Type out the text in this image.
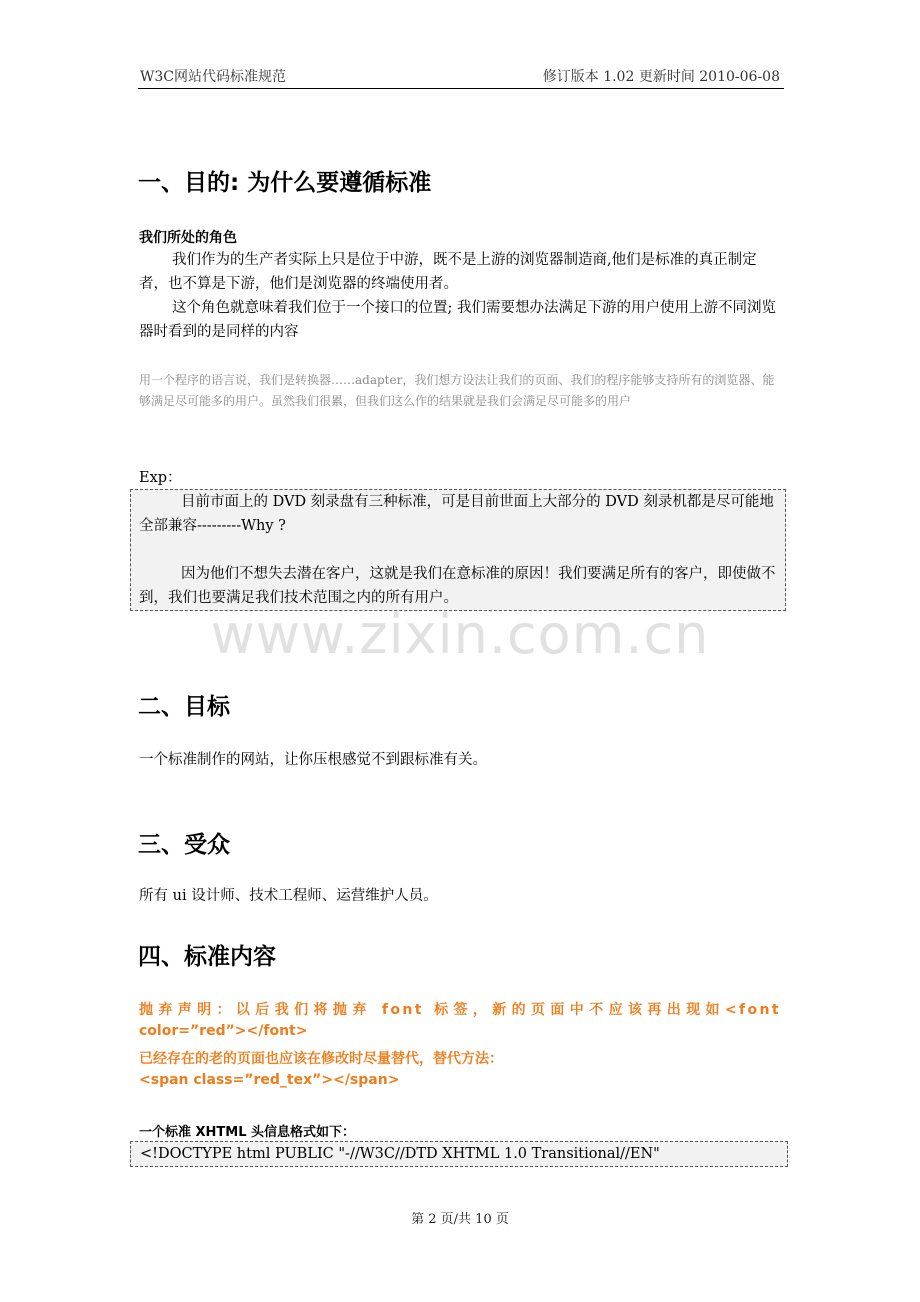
W3C网站代码标准规范	修订版本 1.02 更新时间 2010-06-08
一、目的: 为什么要遵循标准
我们所处的角色
我们作为的生产者实际上只是位于中游，既不是上游的浏览器制造商,他们是标准的真正制定者，也不算是下游，他们是浏览器的终端使用者。
这个角色就意味着我们位于一个接口的位置; 我们需要想办法满足下游的用户使用上游不同浏览器时看到的是同样的内容
用一个程序的语言说，我们是转换器……adapter，我们想方设法让我们的页面、我们的程序能够支持所有的浏览器、能够满足尽可能多的用户。虽然我们很累，但我们这么作的结果就是我们会满足尽可能多的用户
Exp：

目前市面上的 DVD 刻录盘有三种标准，可是目前世面上大部分的 DVD 刻录机都是尽可能地全部兼容---------Why ?

因为他们不想失去潜在客户，这就是我们在意标准的原因！我们要满足所有的客户，即使做不到，我们也要满足我们技术范围之内的所有用户。

www.zixin.com.cn
二、目标
一个标准制作的网站，让你压根感觉不到跟标准有关。
三、受众
所有 ui 设计师、技术工程师、运营维护人员。
四、标准内容
抛弃声明：以后我们将抛弃 font 标签，新的页面中不应该再出现如<font
color=”red”></font>
已经存在的老的页面也应该在修改时尽量替代，替代方法：
<span class=”red_tex”></span>
一个标准 XHTML 头信息格式如下：
<!DOCTYPE html PUBLIC "-//W3C//DTD XHTML 1.0 Transitional//EN"
第 2 页/共 10 页
